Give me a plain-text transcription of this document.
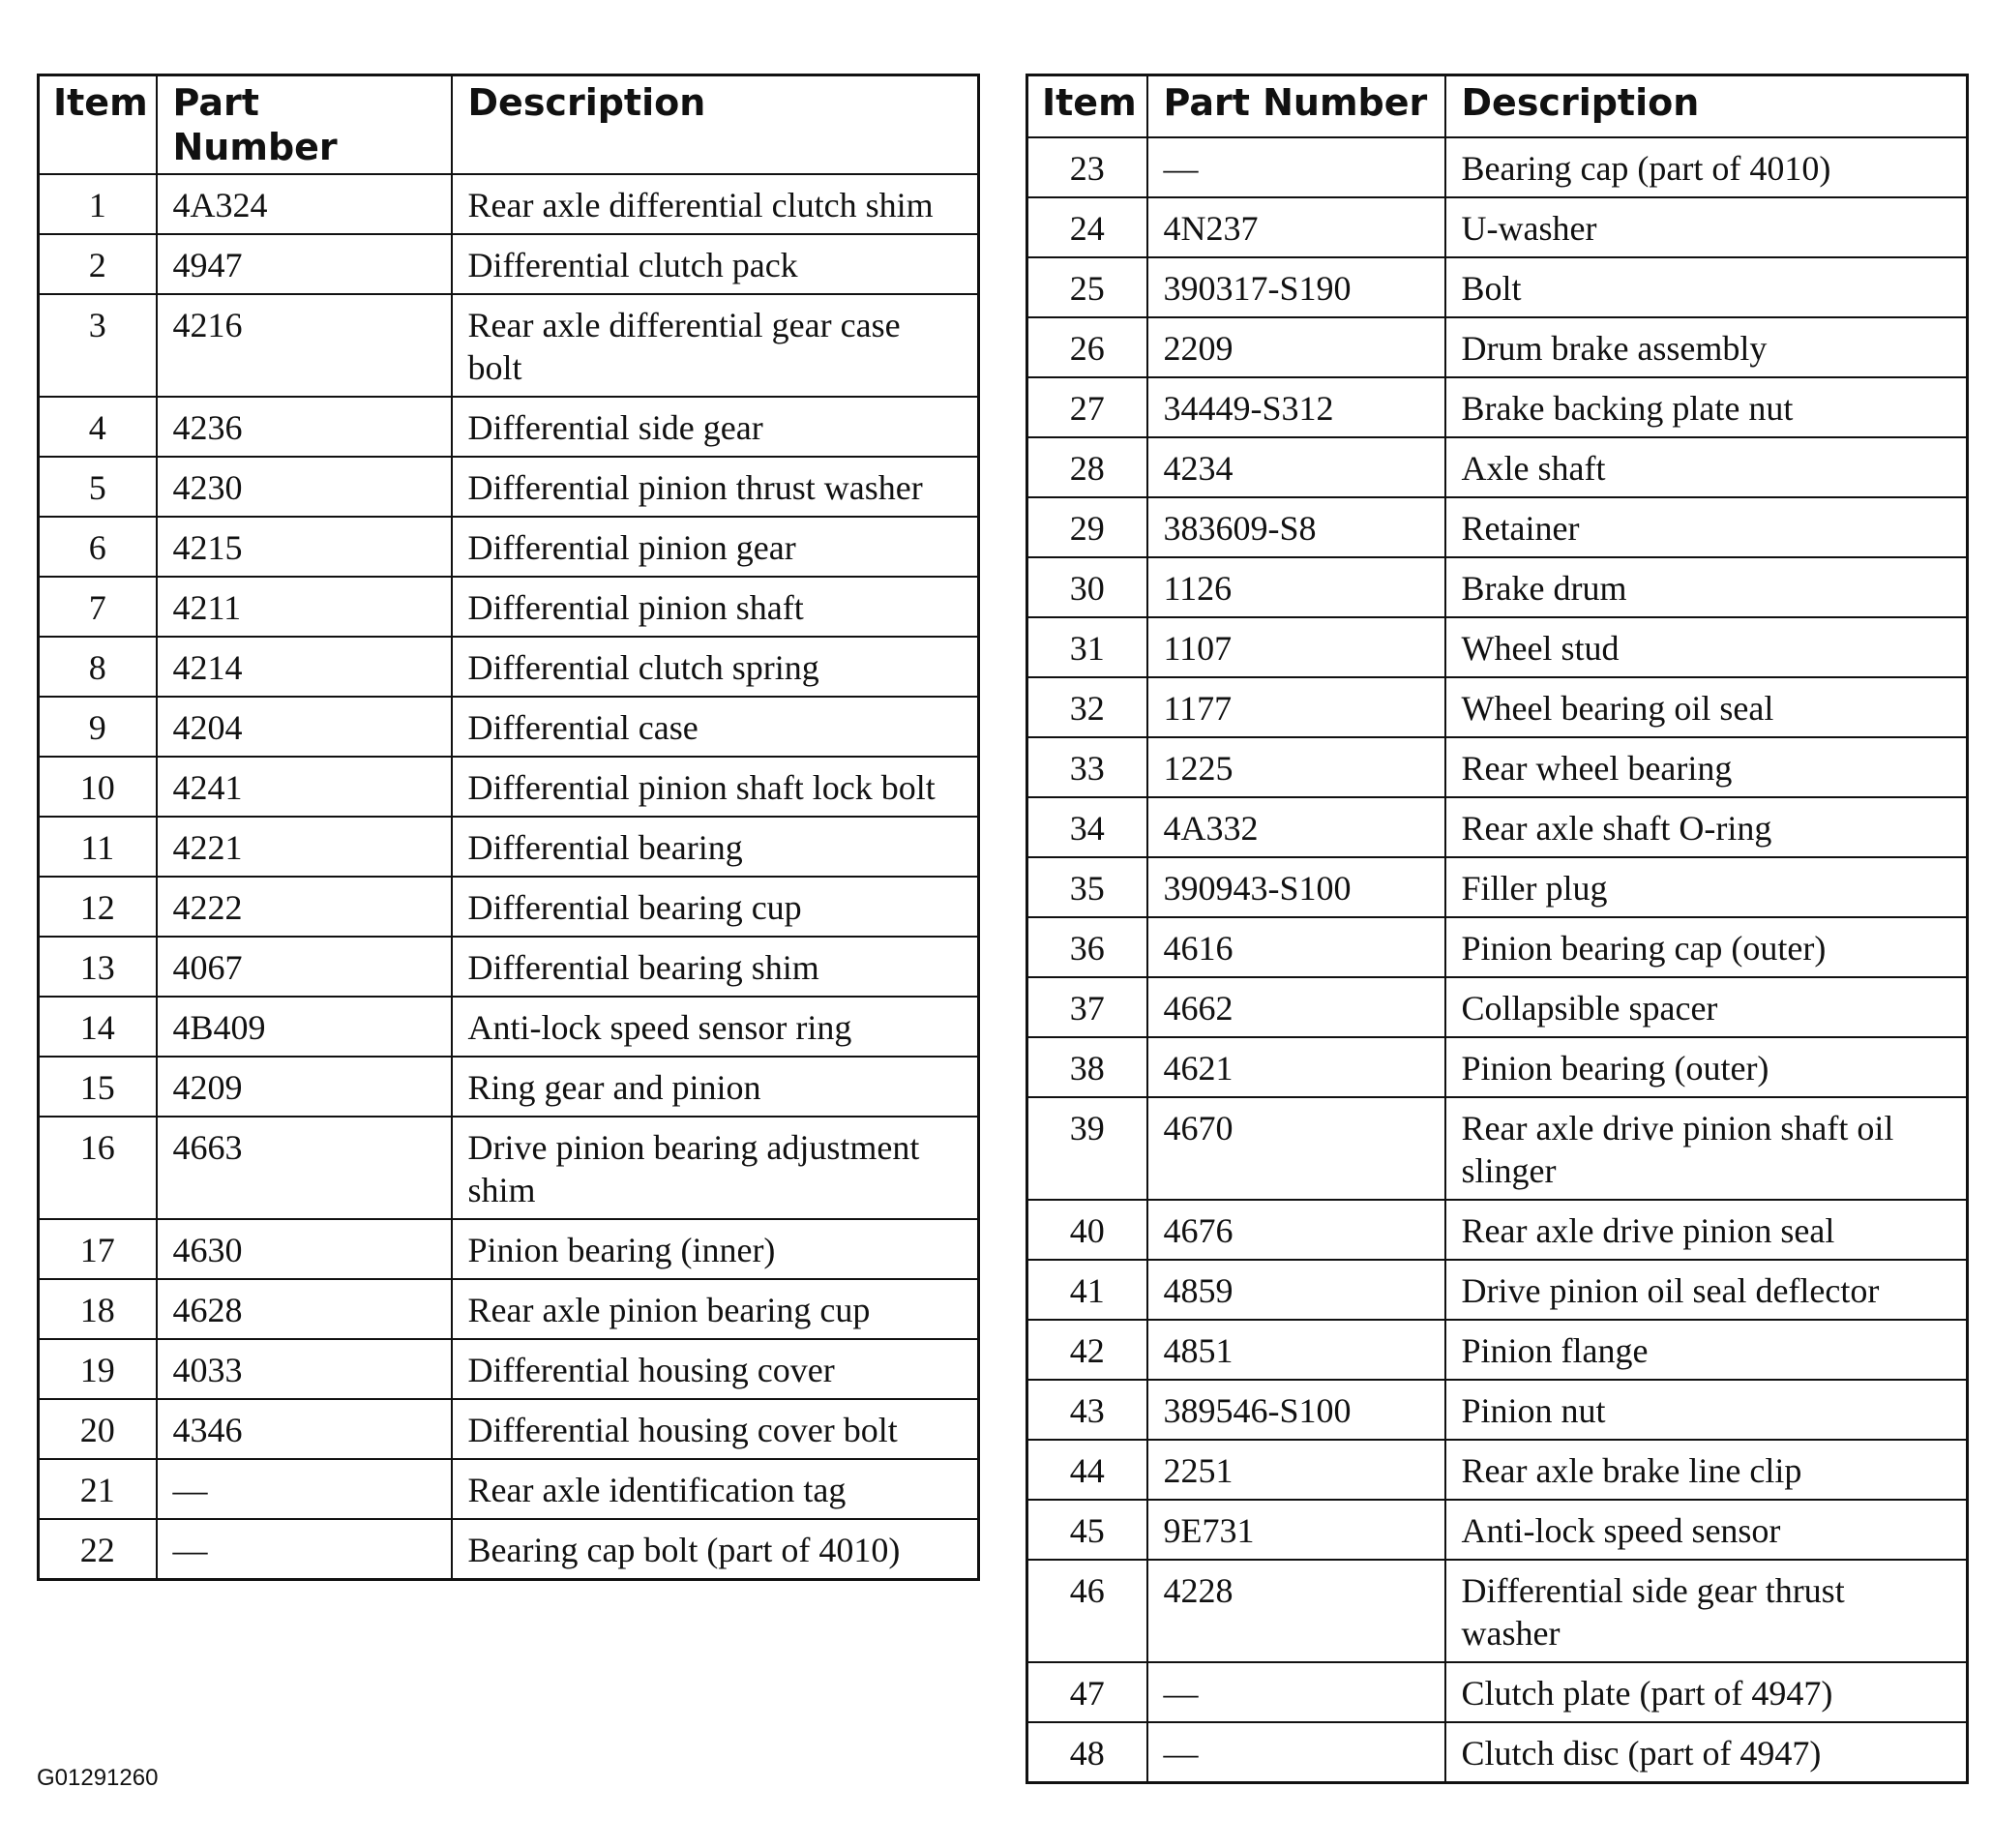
Item	Part Number	Description
1	4A324	Rear axle differential clutch shim
2	4947	Differential clutch pack
3	4216	Rear axle differential gear case bolt
4	4236	Differential side gear
5	4230	Differential pinion thrust washer
6	4215	Differential pinion gear
7	4211	Differential pinion shaft
8	4214	Differential clutch spring
9	4204	Differential case
10	4241	Differential pinion shaft lock bolt
11	4221	Differential bearing
12	4222	Differential bearing cup
13	4067	Differential bearing shim
14	4B409	Anti-lock speed sensor ring
15	4209	Ring gear and pinion
16	4663	Drive pinion bearing adjustment shim
17	4630	Pinion bearing (inner)
18	4628	Rear axle pinion bearing cup
19	4033	Differential housing cover
20	4346	Differential housing cover bolt
21	—	Rear axle identification tag
22	—	Bearing cap bolt (part of 4010)
Item	Part Number	Description
23	—	Bearing cap (part of 4010)
24	4N237	U-washer
25	390317-S190	Bolt
26	2209	Drum brake assembly
27	34449-S312	Brake backing plate nut
28	4234	Axle shaft
29	383609-S8	Retainer
30	1126	Brake drum
31	1107	Wheel stud
32	1177	Wheel bearing oil seal
33	1225	Rear wheel bearing
34	4A332	Rear axle shaft O-ring
35	390943-S100	Filler plug
36	4616	Pinion bearing cap (outer)
37	4662	Collapsible spacer
38	4621	Pinion bearing (outer)
39	4670	Rear axle drive pinion shaft oil slinger
40	4676	Rear axle drive pinion seal
41	4859	Drive pinion oil seal deflector
42	4851	Pinion flange
43	389546-S100	Pinion nut
44	2251	Rear axle brake line clip
45	9E731	Anti-lock speed sensor
46	4228	Differential side gear thrust washer
47	—	Clutch plate (part of 4947)
48	—	Clutch disc (part of 4947)
G01291260
